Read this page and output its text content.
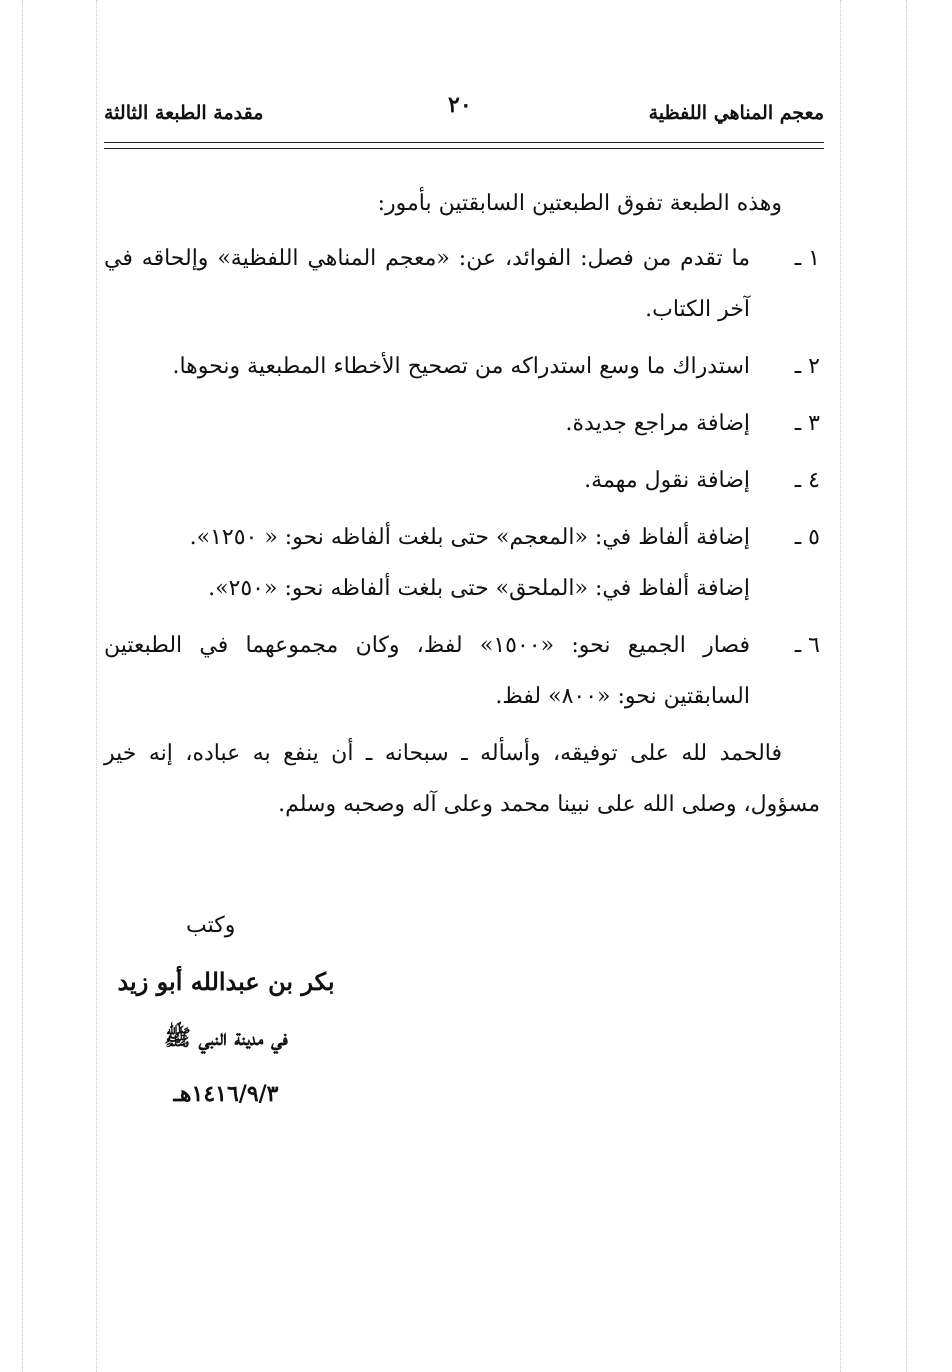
معجم المناهي اللفظية
٢٠
مقدمة الطبعة الثالثة

وهذه الطبعة تفوق الطبعتين السابقتين بأمور:

١ ـ
ما تقدم من فصل: الفوائد، عن: «معجم المناهي اللفظية» وإلحاقه في آخر الكتاب.
٢ ـ
استدراك ما وسع استدراكه من تصحيح الأخطاء المطبعية ونحوها.
٣ ـ
إضافة مراجع جديدة.
٤ ـ
إضافة نقول مهمة.
٥ ـ
إضافة ألفاظ في: «المعجم» حتى بلغت ألفاظه نحو: « ١٢٥٠».
إضافة ألفاظ في: «الملحق» حتى بلغت ألفاظه نحو: «٢٥٠».
٦ ـ
فصار الجميع نحو: «١٥٠٠» لفظ، وكان مجموعهما في الطبعتين السابقتين نحو: «٨٠٠» لفظ.

فالحمد لله على توفيقه، وأسأله ـ سبحانه ـ أن ينفع به عباده، إنه خير مسؤول، وصلى الله على نبينا محمد وعلى آله وصحبه وسلم.

وكتب
بكر بن عبدالله أبو زيد
في مدينة النبي ﷺ
١٤١٦/٩/٣هـ
